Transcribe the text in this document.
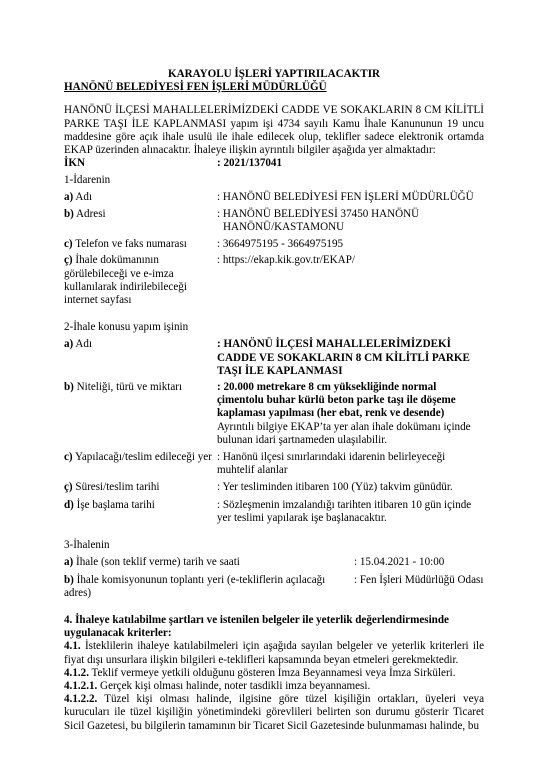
KARAYOLU İŞLERİ YAPTIRILACAKTIR
HANÖNÜ BELEDİYESİ FEN İŞLERİ MÜDÜRLÜĞÜ
HANÖNÜ İLÇESİ MAHALLELERİMİZDEKİ CADDE VE SOKAKLARIN 8 CM KİLİTLİ PARKE TAŞI İLE KAPLANMASI yapım işi 4734 sayılı Kamu İhale Kanununun 19 uncu maddesine göre açık ihale usulü ile ihale edilecek olup, teklifler sadece elektronik ortamda EKAP üzerinden alınacaktır. İhaleye ilişkin ayrıntılı bilgiler aşağıda yer almaktadır:
İKN	: 2021/137041
1-İdarenin
a) Adı	: HANÖNÜ BELEDİYESİ FEN İŞLERİ MÜDÜRLÜĞÜ
b) Adresi	: HANÖNÜ BELEDİYESİ 37450 HANÖNÜ
HANÖNÜ/KASTAMONU
c) Telefon ve faks numarası	: 3664975195 - 3664975195
ç) İhale dokümanının görülebileceği ve e-imza kullanılarak indirilebileceği internet sayfası
: https://ekap.kik.gov.tr/EKAP/
2-İhale konusu yapım işinin
a) Adı	: HANÖNÜ İLÇESİ MAHALLELERİMİZDEKİ CADDE VE SOKAKLARIN 8 CM KİLİTLİ PARKE TAŞI İLE KAPLANMASI
b) Niteliği, türü ve miktarı	: 20.000 metrekare 8 cm yüksekliğinde normal çimentolu buhar kürlü beton parke taşı ile döşeme kaplaması yapılması (her ebat, renk ve desende)
Ayrıntılı bilgiye EKAP’ta yer alan ihale dokümanı içinde bulunan idari şartnameden ulaşılabilir.
c) Yapılacağı/teslim edileceği yer : Hanönü ilçesi sınırlarındaki idarenin belirleyeceği muhtelif alanlar
ç) Süresi/teslim tarihi	: Yer tesliminden itibaren 100 (Yüz) takvim günüdür.
d) İşe başlama tarihi	: Sözleşmenin imzalandığı tarihten itibaren 10 gün içinde yer teslimi yapılarak işe başlanacaktır.
3-İhalenin
a) İhale (son teklif verme) tarih ve saati	: 15.04.2021 - 10:00
b) İhale komisyonunun toplantı yeri (e-tekliflerin açılacağı adres)
: Fen İşleri Müdürlüğü Odası
4. İhaleye katılabilme şartları ve istenilen belgeler ile yeterlik değerlendirmesinde uygulanacak kriterler:
4.1. İsteklilerin ihaleye katılabilmeleri için aşağıda sayılan belgeler ve yeterlik kriterleri ile fiyat dışı unsurlara ilişkin bilgileri e-teklifleri kapsamında beyan etmeleri gerekmektedir.
4.1.2. Teklif vermeye yetkili olduğunu gösteren İmza Beyannamesi veya İmza Sirküleri.
4.1.2.1. Gerçek kişi olması halinde, noter tasdikli imza beyannamesi.
4.1.2.2. Tüzel kişi olması halinde, ilgisine göre tüzel kişiliğin ortakları, üyeleri veya kurucuları ile tüzel kişiliğin yönetimindeki görevlileri belirten son durumu gösterir Ticaret Sicil Gazetesi, bu bilgilerin tamamının bir Ticaret Sicil Gazetesinde bulunmaması halinde, bu
